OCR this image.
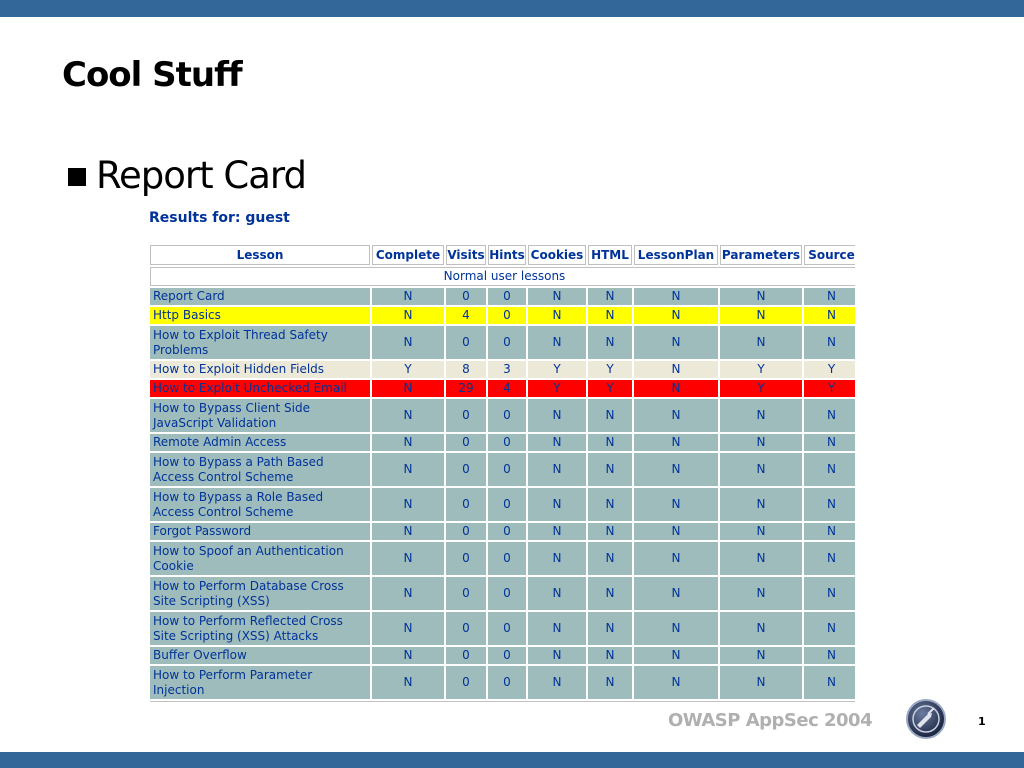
Cool Stuff
Report Card
Results for: guest
Lesson	Complete	Visits	Hints	Cookies	HTML	LessonPlan	Parameters	Source
Normal user lessons								
Report Card	N	0	0	N	N	N	N	N
Http Basics	N	4	0	N	N	N	N	N
How to Exploit Thread Safety Problems	N	0	0	N	N	N	N	N
How to Exploit Hidden Fields	Y	8	3	Y	Y	N	Y	Y
How to Exploit Unchecked Email	N	29	4	Y	Y	N	Y	Y
How to Bypass Client Side JavaScript Validation	N	0	0	N	N	N	N	N
Remote Admin Access	N	0	0	N	N	N	N	N
How to Bypass a Path Based Access Control Scheme	N	0	0	N	N	N	N	N
How to Bypass a Role Based Access Control Scheme	N	0	0	N	N	N	N	N
Forgot Password	N	0	0	N	N	N	N	N
How to Spoof an Authentication Cookie	N	0	0	N	N	N	N	N
How to Perform Database Cross Site Scripting (XSS)	N	0	0	N	N	N	N	N
How to Perform Reflected Cross Site Scripting (XSS) Attacks	N	0	0	N	N	N	N	N
Buffer Overflow	N	0	0	N	N	N	N	N
How to Perform Parameter Injection	N	0	0	N	N	N	N	N
OWASP AppSec 2004	1
